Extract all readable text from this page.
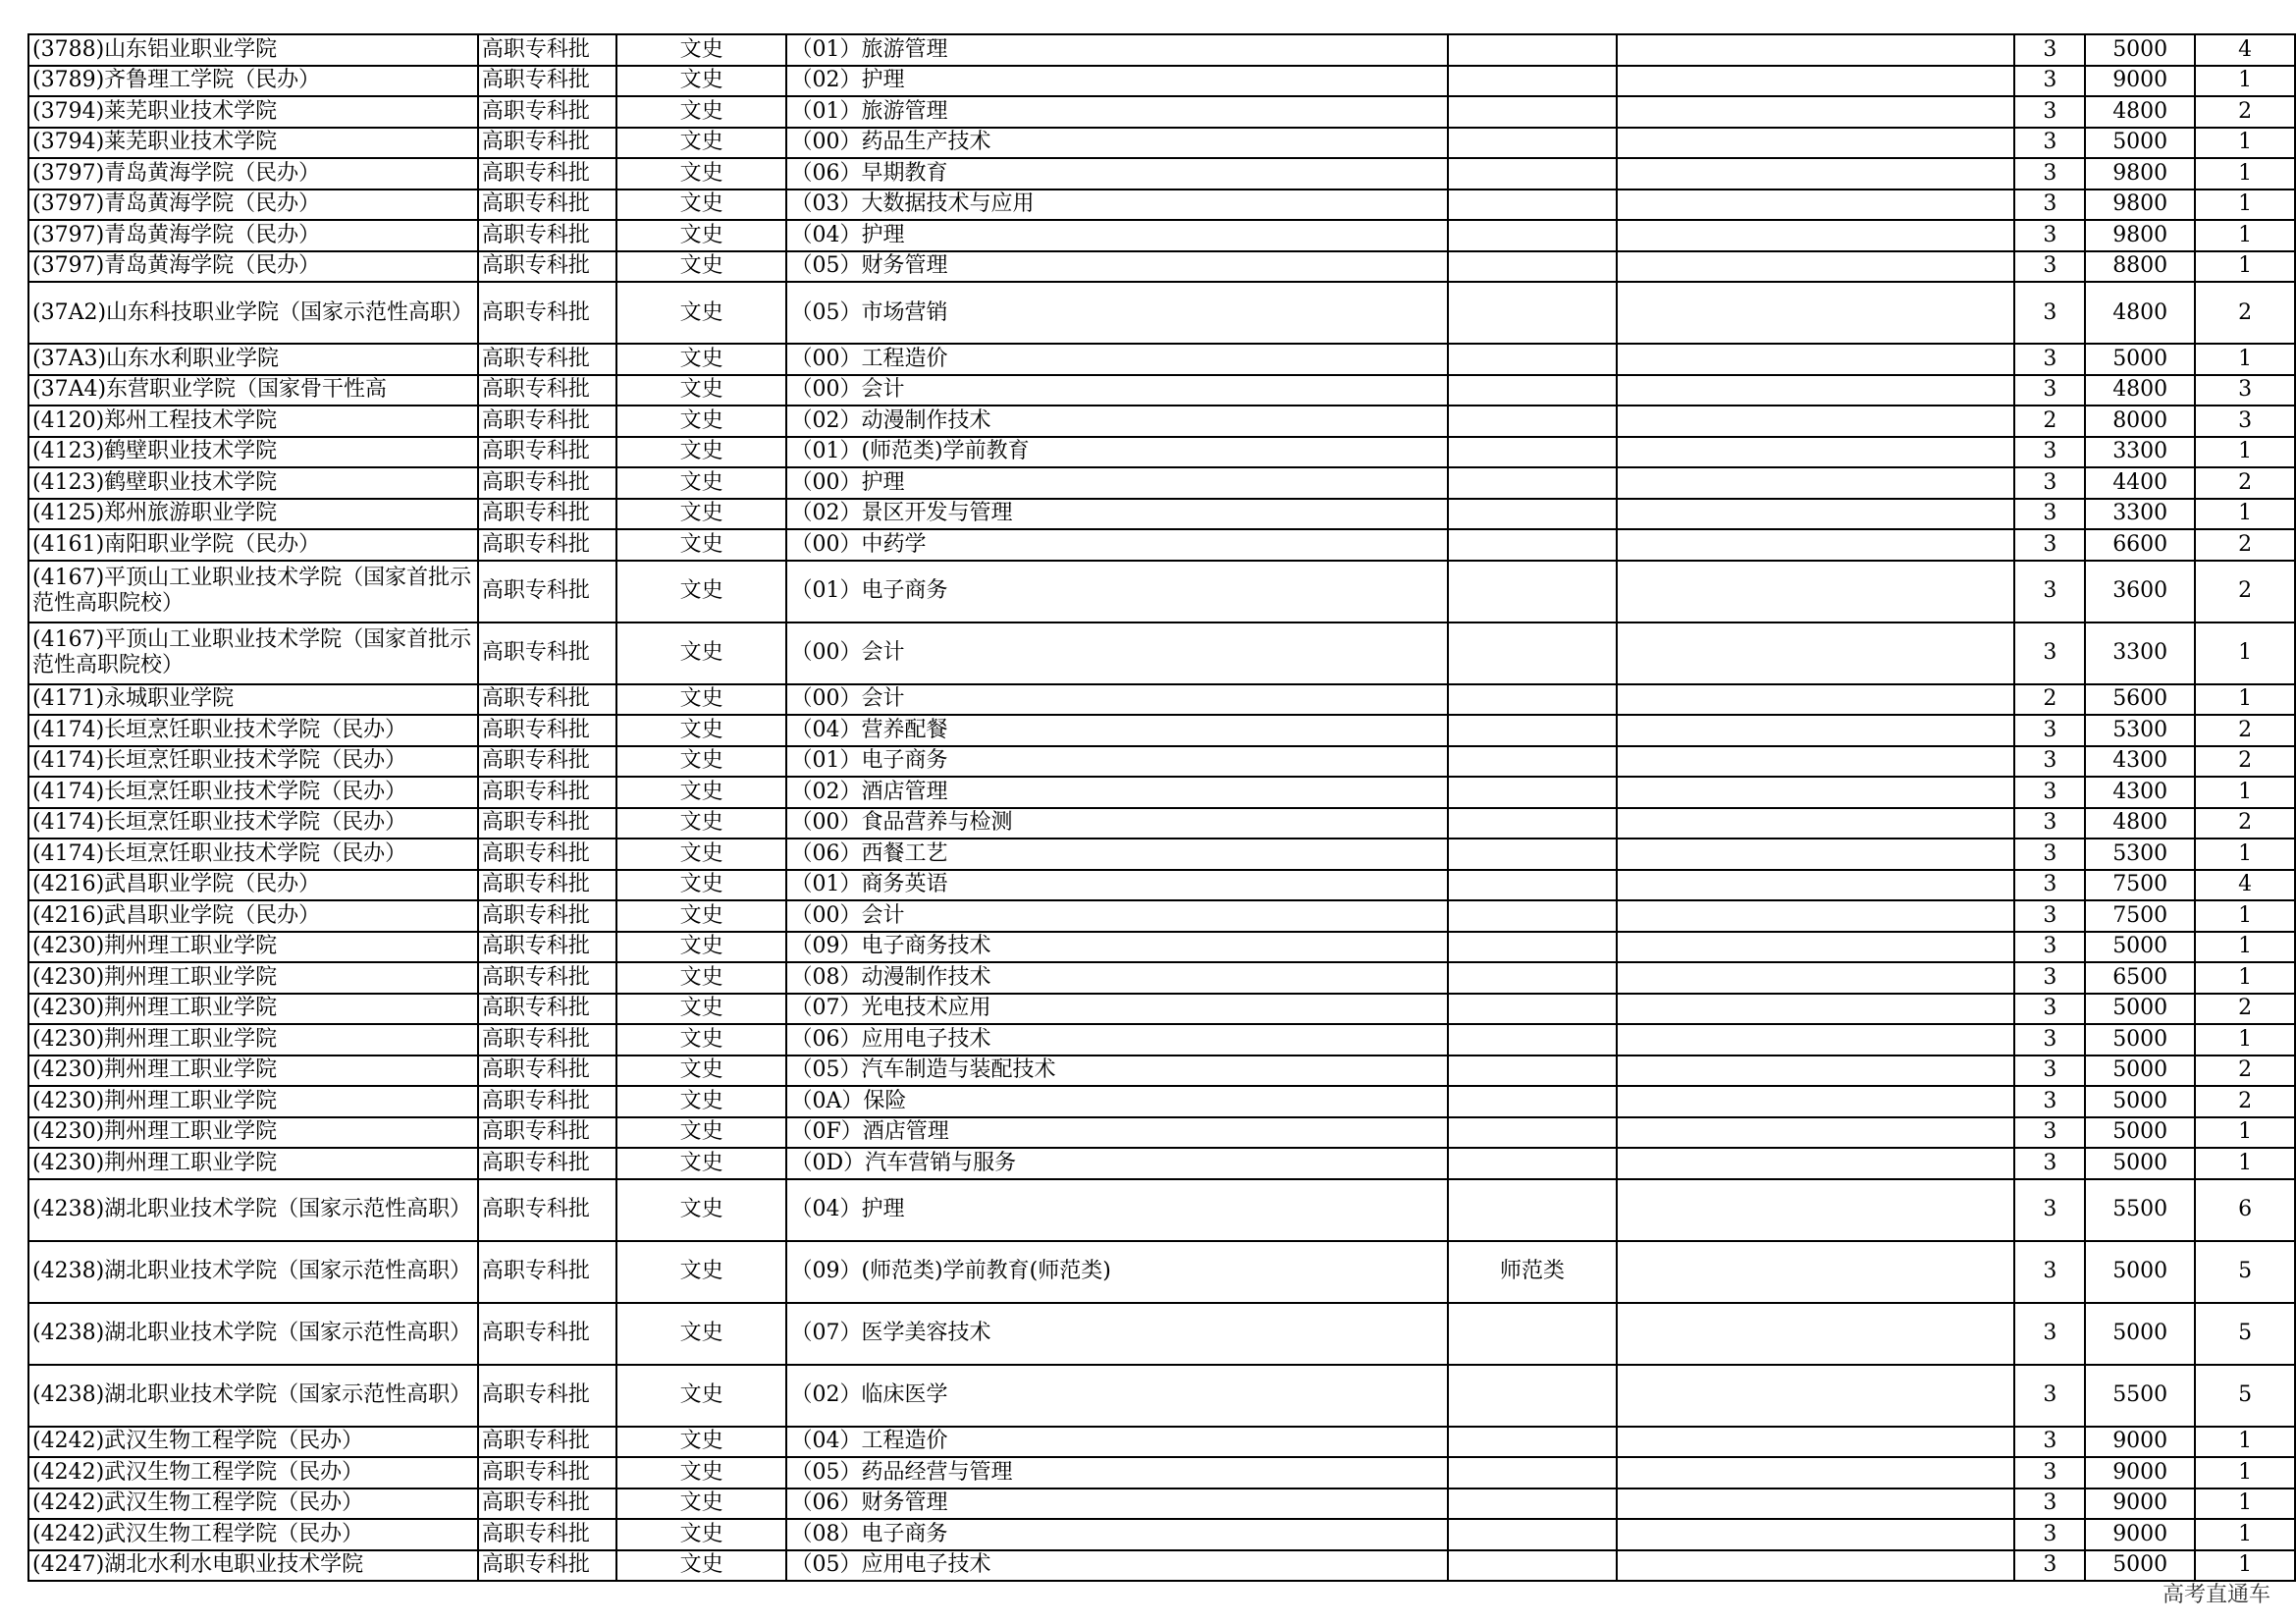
(3788)山东铝业职业学院	高职专科批	文史	（01）旅游管理			3	5000	4
(3789)齐鲁理工学院（民办）	高职专科批	文史	（02）护理			3	9000	1
(3794)莱芜职业技术学院	高职专科批	文史	（01）旅游管理			3	4800	2
(3794)莱芜职业技术学院	高职专科批	文史	（00）药品生产技术			3	5000	1
(3797)青岛黄海学院（民办）	高职专科批	文史	（06）早期教育			3	9800	1
(3797)青岛黄海学院（民办）	高职专科批	文史	（03）大数据技术与应用			3	9800	1
(3797)青岛黄海学院（民办）	高职专科批	文史	（04）护理			3	9800	1
(3797)青岛黄海学院（民办）	高职专科批	文史	（05）财务管理			3	8800	1
(37A2)山东科技职业学院（国家示范性高职）	高职专科批	文史	（05）市场营销			3	4800	2
(37A3)山东水利职业学院	高职专科批	文史	（00）工程造价			3	5000	1
(37A4)东营职业学院（国家骨干性高	高职专科批	文史	（00）会计			3	4800	3
(4120)郑州工程技术学院	高职专科批	文史	（02）动漫制作技术			2	8000	3
(4123)鹤壁职业技术学院	高职专科批	文史	（01）(师范类)学前教育			3	3300	1
(4123)鹤壁职业技术学院	高职专科批	文史	（00）护理			3	4400	2
(4125)郑州旅游职业学院	高职专科批	文史	（02）景区开发与管理			3	3300	1
(4161)南阳职业学院（民办）	高职专科批	文史	（00）中药学			3	6600	2
(4167)平顶山工业职业技术学院（国家首批示范性高职院校）	高职专科批	文史	（01）电子商务			3	3600	2
(4167)平顶山工业职业技术学院（国家首批示范性高职院校）	高职专科批	文史	（00）会计			3	3300	1
(4171)永城职业学院	高职专科批	文史	（00）会计			2	5600	1
(4174)长垣烹饪职业技术学院（民办）	高职专科批	文史	（04）营养配餐			3	5300	2
(4174)长垣烹饪职业技术学院（民办）	高职专科批	文史	（01）电子商务			3	4300	2
(4174)长垣烹饪职业技术学院（民办）	高职专科批	文史	（02）酒店管理			3	4300	1
(4174)长垣烹饪职业技术学院（民办）	高职专科批	文史	（00）食品营养与检测			3	4800	2
(4174)长垣烹饪职业技术学院（民办）	高职专科批	文史	（06）西餐工艺			3	5300	1
(4216)武昌职业学院（民办）	高职专科批	文史	（01）商务英语			3	7500	4
(4216)武昌职业学院（民办）	高职专科批	文史	（00）会计			3	7500	1
(4230)荆州理工职业学院	高职专科批	文史	（09）电子商务技术			3	5000	1
(4230)荆州理工职业学院	高职专科批	文史	（08）动漫制作技术			3	6500	1
(4230)荆州理工职业学院	高职专科批	文史	（07）光电技术应用			3	5000	2
(4230)荆州理工职业学院	高职专科批	文史	（06）应用电子技术			3	5000	1
(4230)荆州理工职业学院	高职专科批	文史	（05）汽车制造与装配技术			3	5000	2
(4230)荆州理工职业学院	高职专科批	文史	（0A）保险			3	5000	2
(4230)荆州理工职业学院	高职专科批	文史	（0F）酒店管理			3	5000	1
(4230)荆州理工职业学院	高职专科批	文史	（0D）汽车营销与服务			3	5000	1
(4238)湖北职业技术学院（国家示范性高职）	高职专科批	文史	（04）护理			3	5500	6
(4238)湖北职业技术学院（国家示范性高职）	高职专科批	文史	（09）(师范类)学前教育(师范类)	师范类		3	5000	5
(4238)湖北职业技术学院（国家示范性高职）	高职专科批	文史	（07）医学美容技术			3	5000	5
(4238)湖北职业技术学院（国家示范性高职）	高职专科批	文史	（02）临床医学			3	5500	5
(4242)武汉生物工程学院（民办）	高职专科批	文史	（04）工程造价			3	9000	1
(4242)武汉生物工程学院（民办）	高职专科批	文史	（05）药品经营与管理			3	9000	1
(4242)武汉生物工程学院（民办）	高职专科批	文史	（06）财务管理			3	9000	1
(4242)武汉生物工程学院（民办）	高职专科批	文史	（08）电子商务			3	9000	1
(4247)湖北水利水电职业技术学院	高职专科批	文史	（05）应用电子技术			3	5000	1
高考直通车
